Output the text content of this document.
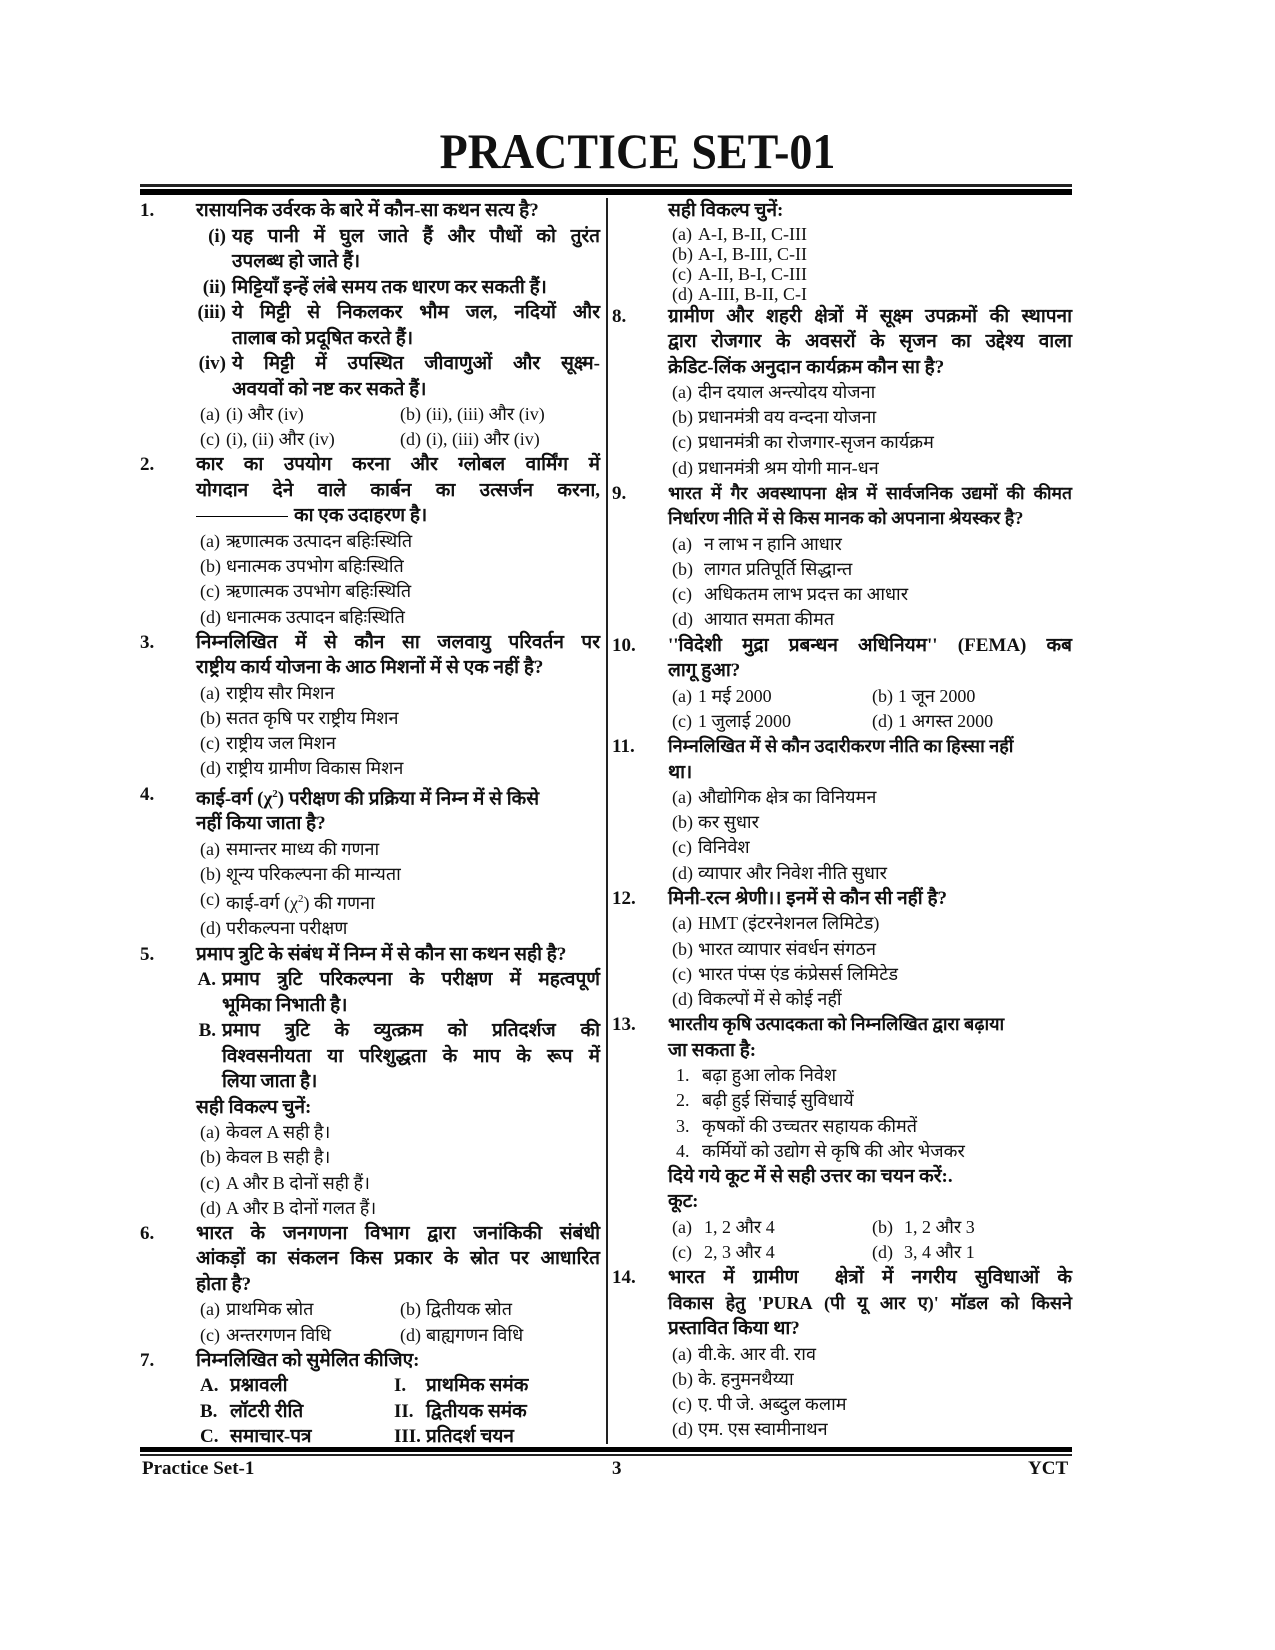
PRACTICE SET-01
1.	रासायनिक उर्वरक के बारे में कौन-सा कथन सत्य है?
(i) यह पानी में घुल जाते हैं और पौधों को तुरंत
उपलब्ध हो जाते हैं।
(ii) मिट्टियाँ इन्हें लंबे समय तक धारण कर सकती हैं।
(iii) ये मिट्टी से निकलकर भौम जल, नदियों और
तालाब को प्रदूषित करते हैं।
(iv) ये मिट्टी में उपस्थित जीवाणुओं और सूक्ष्म-
अवयवों को नष्ट कर सकते हैं।
(a) (i) और (iv)	(b) (ii), (iii) और (iv)
(c) (i), (ii) और (iv)	(d) (i), (iii) और (iv)
2.	कार का उपयोग करना और ग्लोबल वार्मिंग में
योगदान देने वाले कार्बन का उत्सर्जन करना,
का एक उदाहरण है।
(a) ऋणात्मक उत्पादन बहिःस्थिति
(b) धनात्मक उपभोग बहिःस्थिति
(c) ऋणात्मक उपभोग बहिःस्थिति
(d) धनात्मक उत्पादन बहिःस्थिति
3.	निम्नलिखित में से कौन सा जलवायु परिवर्तन पर
राष्ट्रीय कार्य योजना के आठ मिशनों में से एक नहीं है?
(a) राष्ट्रीय सौर मिशन
(b) सतत कृषि पर राष्ट्रीय मिशन
(c) राष्ट्रीय जल मिशन
(d) राष्ट्रीय ग्रामीण विकास मिशन
4.	काई-वर्ग $(\chi^2)$ परीक्षण की प्रक्रिया में निम्न में से किसे
नहीं किया जाता है?
(a) समान्तर माध्य की गणना
(b) शून्य परिकल्पना की मान्यता
(c) काई-वर्ग $(\chi^2)$ की गणना
(d) परीकल्पना परीक्षण
5.	प्रमाप त्रुटि के संबंध में निम्न में से कौन सा कथन सही है?
A. प्रमाप त्रुटि परिकल्पना के परीक्षण में महत्वपूर्ण
भूमिका निभाती है।
B. प्रमाप त्रुटि के व्युत्क्रम को प्रतिदर्शज की
विश्वसनीयता या परिशुद्धता के माप के रूप में
लिया जाता है।
सही विकल्प चुनें:
(a) केवल A सही है।
(b) केवल B सही है।
(c) A और B दोनों सही हैं।
(d) A और B दोनों गलत हैं।
6.	भारत के जनगणना विभाग द्वारा जनांकिकी संबंधी
आंकड़ों का संकलन किस प्रकार के स्रोत पर आधारित
होता है?
(a) प्राथमिक स्रोत	(b) द्वितीयक स्रोत
(c) अन्तरगणन विधि	(d) बाह्यगणन विधि
7.	निम्नलिखित को सुमेलित कीजिए:
A. प्रश्नावली	I.	प्राथमिक समंक
B. लॉटरी रीति	II. द्वितीयक समंक
C. समाचार-पत्र	III. प्रतिदर्श चयन
सही विकल्प चुनें:
(a) A-I, B-II, C-III
(b) A-I, B-III, C-II
(c) A-II, B-I, C-III
(d) A-III, B-II, C-I
8.	ग्रामीण और शहरी क्षेत्रों में सूक्ष्म उपक्रमों की स्थापना
द्वारा रोजगार के अवसरों के सृजन का उद्देश्य वाला
क्रेडिट-लिंक अनुदान कार्यक्रम कौन सा है?
(a) दीन दयाल अन्त्योदय योजना
(b) प्रधानमंत्री वय वन्दना योजना
(c) प्रधानमंत्री का रोजगार-सृजन कार्यक्रम
(d) प्रधानमंत्री श्रम योगी मान-धन
9.	भारत में गैर अवस्थापना क्षेत्र में सार्वजनिक उद्यमों की कीमत
निर्धारण नीति में से किस मानक को अपनाना श्रेयस्कर है?
(a) न लाभ न हानि आधार
(b) लागत प्रतिपूर्ति सिद्धान्त
(c) अधिकतम लाभ प्रदत्त का आधार
(d) आयात समता कीमत
10.	''विदेशी मुद्रा प्रबन्धन अधिनियम'' (FEMA) कब
लागू हुआ?
(a) 1 मई 2000	(b) 1 जून 2000
(c) 1 जुलाई 2000	(d) 1 अगस्त 2000
11.	निम्नलिखित में से कौन उदारीकरण नीति का हिस्सा नहीं
था।
(a) औद्योगिक क्षेत्र का विनियमन
(b) कर सुधार
(c) विनिवेश
(d) व्यापार और निवेश नीति सुधार
12.	मिनी-रत्न श्रेणी।। इनमें से कौन सी नहीं है?
(a) HMT (इंटरनेशनल लिमिटेड)
(b) भारत व्यापार संवर्धन संगठन
(c) भारत पंप्स एंड कंप्रेसर्स लिमिटेड
(d) विकल्पों में से कोई नहीं
13.	भारतीय कृषि उत्पादकता को निम्नलिखित द्वारा बढ़ाया
जा सकता है:
1. बढ़ा हुआ लोक निवेश
2. बढ़ी हुई सिंचाई सुविधायें
3. कृषकों की उच्चतर सहायक कीमतें
4. कर्मियों को उद्योग से कृषि की ओर भेजकर
दिये गये कूट में से सही उत्तर का चयन करें:.
कूट:
(a) 1, 2 और 4	(b) 1, 2 और 3
(c) 2, 3 और 4	(d) 3, 4 और 1
14.	भारत में ग्रामीण  क्षेत्रों में नगरीय सुविधाओं के
विकास हेतु 'PURA (पी यू आर ए)' मॉडल को किसने
प्रस्तावित किया था?
(a) वी.के. आर वी. राव
(b) के. हनुमनथैय्या
(c) ए. पी जे. अब्दुल कलाम
(d) एम. एस स्वामीनाथन
Practice Set-1	3	YCT
